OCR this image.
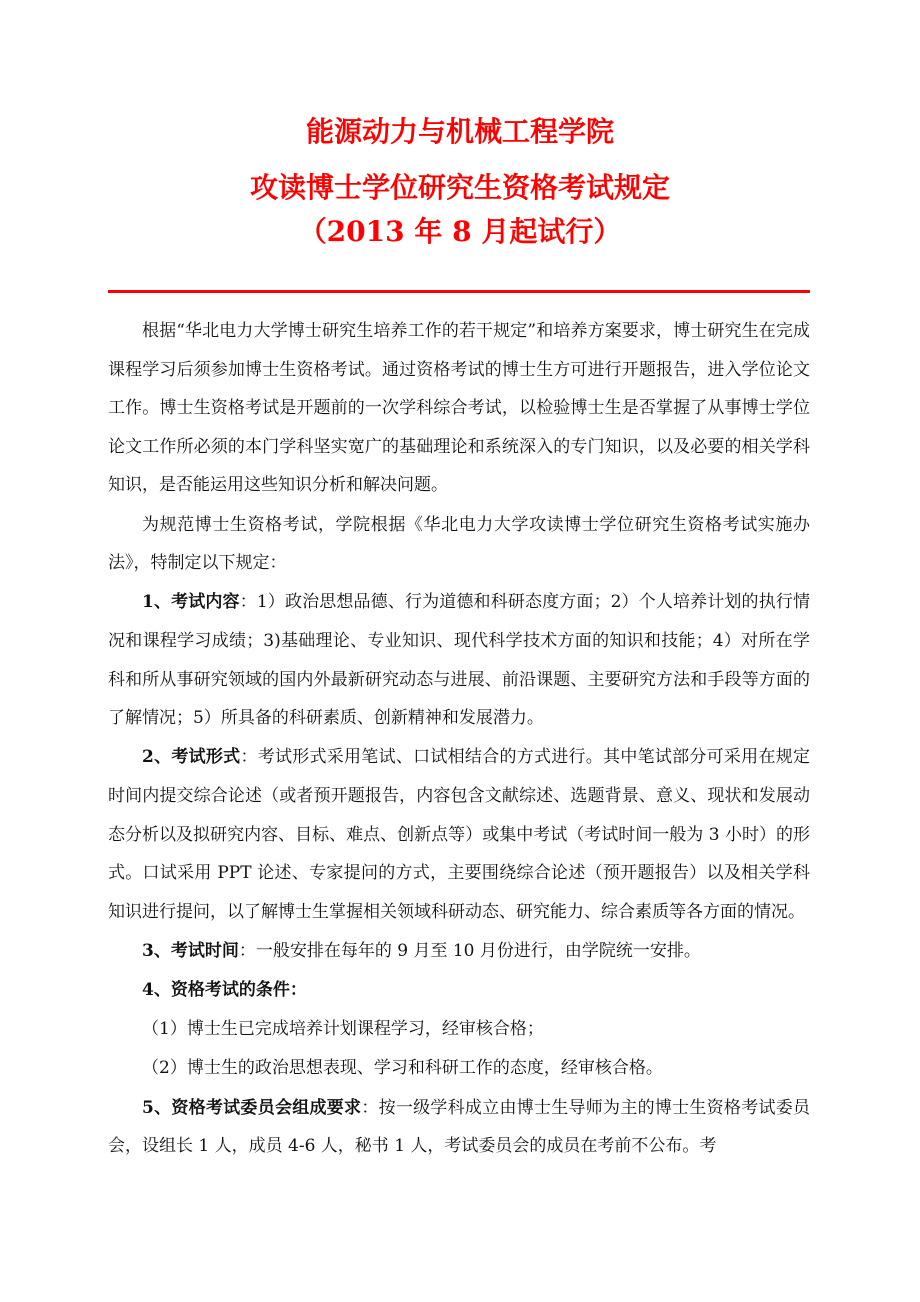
能源动力与机械工程学院
攻读博士学位研究生资格考试规定
（2013 年 8 月起试行）

根据“华北电力大学博士研究生培养工作的若干规定”和培养方案要求，博士研究生在完成课程学习后须参加博士生资格考试。通过资格考试的博士生方可进行开题报告，进入学位论文工作。博士生资格考试是开题前的一次学科综合考试，以检验博士生是否掌握了从事博士学位论文工作所必须的本门学科坚实宽广的基础理论和系统深入的专门知识，以及必要的相关学科知识，是否能运用这些知识分析和解决问题。

为规范博士生资格考试，学院根据《华北电力大学攻读博士学位研究生资格考试实施办法》，特制定以下规定：

1、考试内容：1）政治思想品德、行为道德和科研态度方面；2）个人培养计划的执行情况和课程学习成绩；3)基础理论、专业知识、现代科学技术方面的知识和技能；4）对所在学科和所从事研究领域的国内外最新研究动态与进展、前沿课题、主要研究方法和手段等方面的了解情况；5）所具备的科研素质、创新精神和发展潜力。

2、考试形式：考试形式采用笔试、口试相结合的方式进行。其中笔试部分可采用在规定时间内提交综合论述（或者预开题报告，内容包含文献综述、选题背景、意义、现状和发展动态分析以及拟研究内容、目标、难点、创新点等）或集中考试（考试时间一般为 3 小时）的形式。口试采用 PPT 论述、专家提问的方式，主要围绕综合论述（预开题报告）以及相关学科知识进行提问，以了解博士生掌握相关领域科研动态、研究能力、综合素质等各方面的情况。

3、考试时间：一般安排在每年的 9 月至 10 月份进行，由学院统一安排。

4、资格考试的条件：

（1）博士生已完成培养计划课程学习，经审核合格；

（2）博士生的政治思想表现、学习和科研工作的态度，经审核合格。

5、资格考试委员会组成要求：按一级学科成立由博士生导师为主的博士生资格考试委员会，设组长 1 人，成员 4-6 人，秘书 1 人，考试委员会的成员在考前不公布。考
